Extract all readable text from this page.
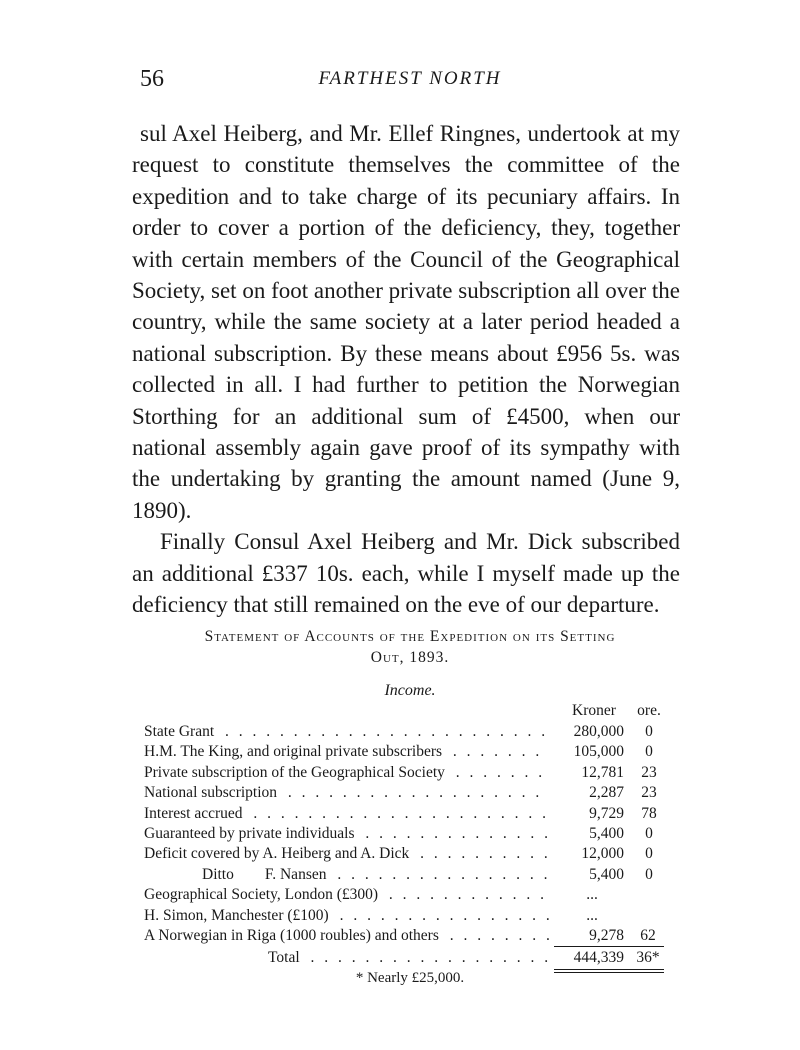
56	FARTHEST NORTH

sul Axel Heiberg, and Mr. Ellef Ringnes, undertook at my request to constitute themselves the committee of the expedition and to take charge of its pecuniary affairs. In order to cover a portion of the deficiency, they, together with certain members of the Council of the Geographical Society, set on foot another private subscription all over the country, while the same society at a later period headed a national subscription. By these means about £956 5s. was collected in all. I had further to petition the Norwegian Storthing for an additional sum of £4500, when our national assembly again gave proof of its sympathy with the undertaking by granting the amount named (June 9, 1890).

Finally Consul Axel Heiberg and Mr. Dick subscribed an additional £337 10s. each, while I myself made up the deficiency that still remained on the eve of our departure.

Statement of Accounts of the Expedition on its Setting
Out, 1893.
Income.
Kroner	ore.
State Grant . . .	280,000	0
H.M. The King, and original private subscribers . . .	105,000	0
Private subscription of the Geographical Society . . .	12,781	23
National subscription . . .	2,287	23
Interest accrued . . .	9,729	78
Guaranteed by private individuals . . .	5,400	0
Deficit covered by A. Heiberg and A. Dick . . .	12,000	0
Ditto        F. Nansen . . .	5,400	0
Geographical Society, London (£300) . . .	...
H. Simon, Manchester (£100) . . .	...
A Norwegian in Riga (1000 roubles) and others . . .	9,278 62
Total . . .	444,339 36*
* Nearly £25,000.
